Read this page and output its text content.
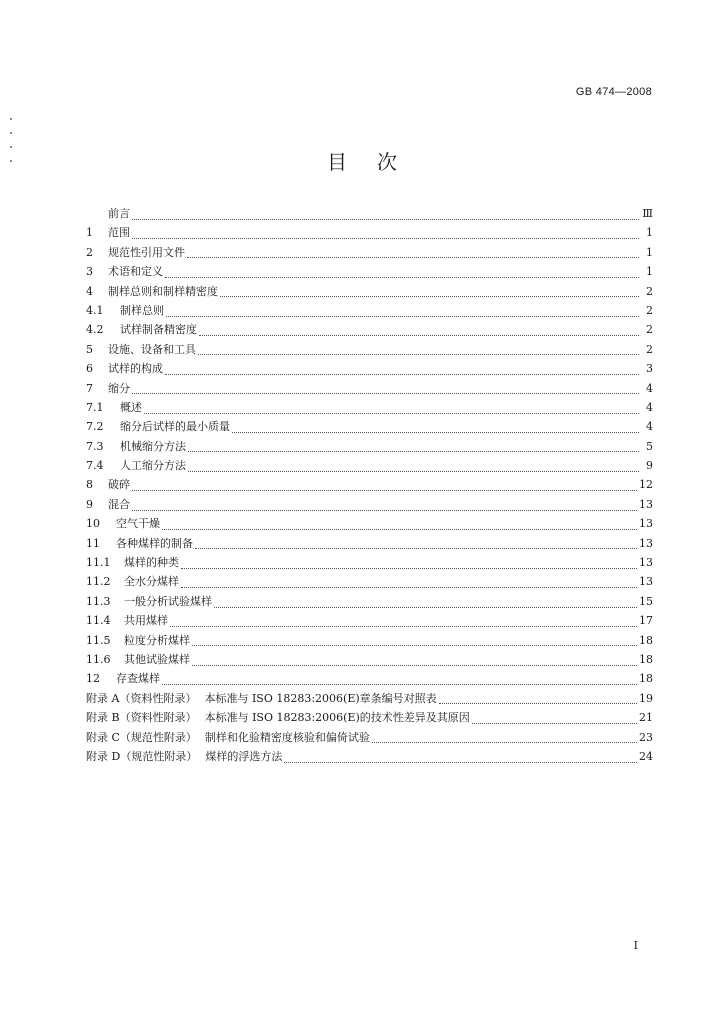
GB 474—2008
目次
前言	Ⅲ
1	范围	1
2	规范性引用文件	1
3	术语和定义	1
4	制样总则和制样精密度	2
4.1	制样总则	2
4.2	试样制备精密度	2
5	设施、设备和工具	2
6	试样的构成	3
7	缩分	4
7.1	概述	4
7.2	缩分后试样的最小质量	4
7.3	机械缩分方法	5
7.4	人工缩分方法	9
8	破碎	12
9	混合	13
10	空气干燥	13
11	各种煤样的制备	13
11.1	煤样的种类	13
11.2	全水分煤样	13
11.3	一般分析试验煤样	15
11.4	共用煤样	17
11.5	粒度分析煤样	18
11.6	其他试验煤样	18
12	存查煤样	18
附录 A（资料性附录） 本标准与 ISO 18283:2006(E)章条编号对照表	19
附录 B（资料性附录） 本标准与 ISO 18283:2006(E)的技术性差异及其原因	21
附录 C（规范性附录） 制样和化验精密度核验和偏倚试验	23
附录 D（规范性附录） 煤样的浮选方法	24
I
